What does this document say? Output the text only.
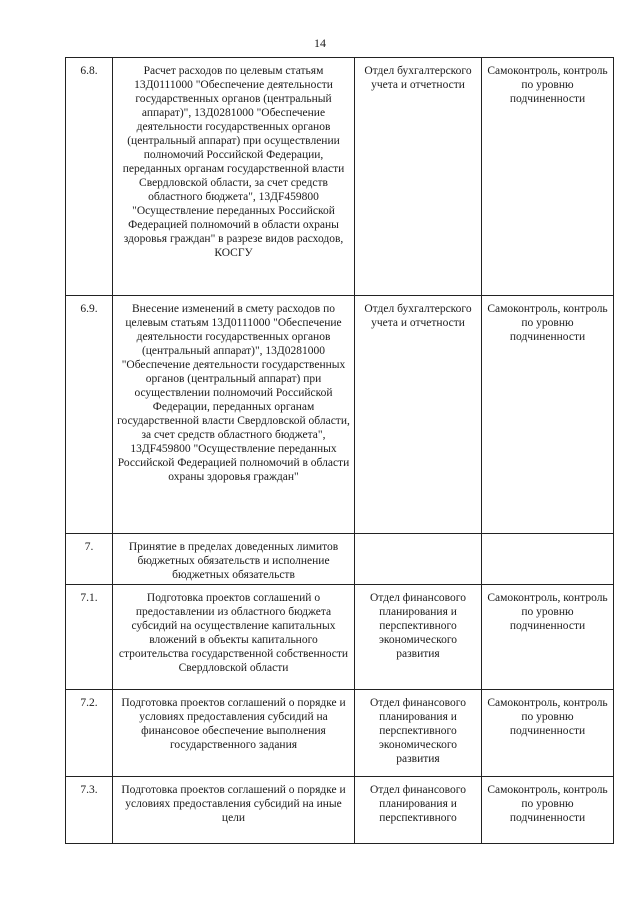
14
6.8.	Расчет расходов по целевым статьям 13Д0111000 "Обеспечение деятельности государственных органов (центральный аппарат)", 13Д0281000 "Обеспечение деятельности государственных органов (центральный аппарат) при осуществлении полномочий Российской Федерации, переданных органам государственной власти Свердловской области, за счет средств областного бюджета", 13ДF459800 "Осуществление переданных Российской Федерацией полномочий в области охраны здоровья граждан" в разрезе видов расходов, КОСГУ	Отдел бухгалтерского учета и отчетности	Самоконтроль, контроль по уровню подчиненности
6.9.	Внесение изменений в смету расходов по целевым статьям 13Д0111000 "Обеспечение деятельности государственных органов (центральный аппарат)", 13Д0281000 "Обеспечение деятельности государственных органов (центральный аппарат) при осуществлении полномочий Российской Федерации, переданных органам государственной власти Свердловской области, за счет средств областного бюджета", 13ДF459800 "Осуществление переданных Российской Федерацией полномочий в области охраны здоровья граждан"	Отдел бухгалтерского учета и отчетности	Самоконтроль, контроль по уровню подчиненности
7.	Принятие в пределах доведенных лимитов бюджетных обязательств и исполнение бюджетных обязательств		
7.1.	Подготовка проектов соглашений о предоставлении из областного бюджета субсидий на осуществление капитальных вложений в объекты капитального строительства государственной собственности Свердловской области	Отдел финансового планирования и перспективного экономического развития	Самоконтроль, контроль по уровню подчиненности
7.2.	Подготовка проектов соглашений о порядке и условиях предоставления субсидий на финансовое обеспечение выполнения государственного задания	Отдел финансового планирования и перспективного экономического развития	Самоконтроль, контроль по уровню подчиненности
7.3.	Подготовка проектов соглашений о порядке и условиях предоставления субсидий на иные цели	Отдел финансового планирования и перспективного	Самоконтроль, контроль по уровню подчиненности
